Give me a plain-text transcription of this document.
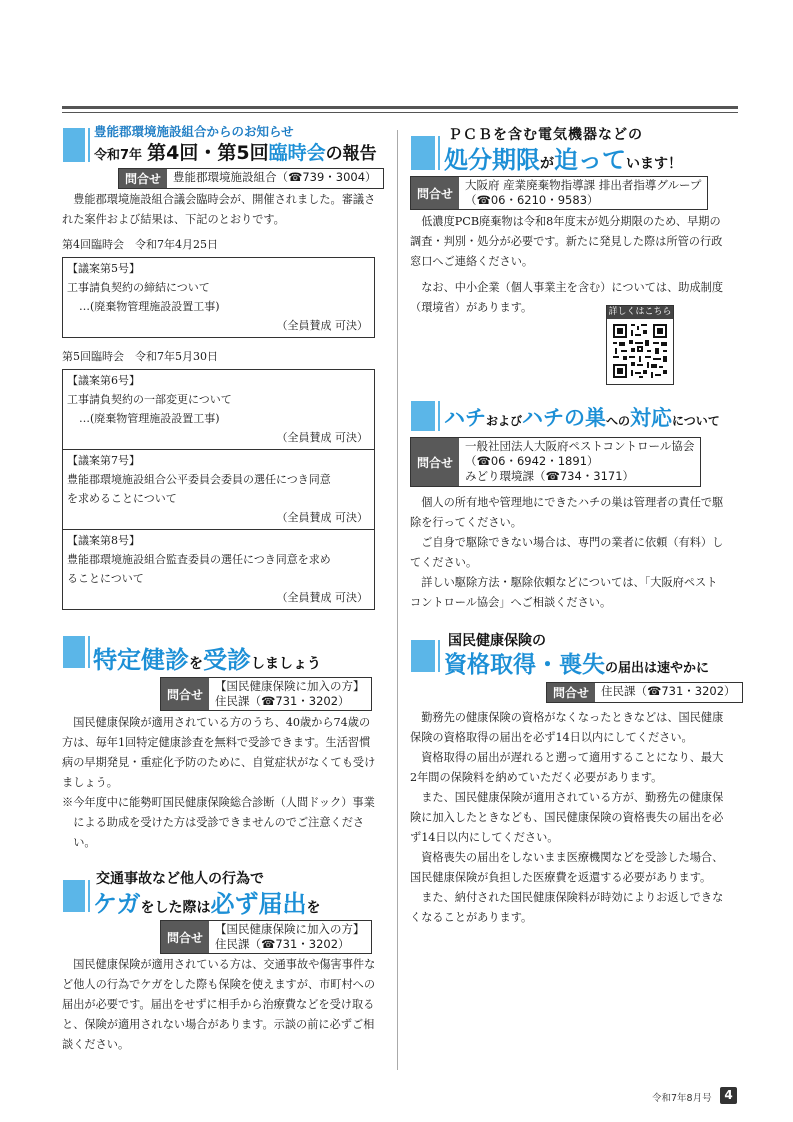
豊能郡環境施設組合からのお知らせ
令和7年 第4回・第5回臨時会の報告
問合せ	豊能郡環境施設組合（☎739・3004）

豊能郡環境施設組合議会臨時会が、開催されました。審議された案件および結果は、下記のとおりです。

第4回臨時会　令和7年4月25日
【議案第5号】
工事請負契約の締結について
…(廃棄物管理施設設置工事)
（全員賛成 可決）
第5回臨時会　令和7年5月30日
【議案第6号】
工事請負契約の一部変更について
…(廃棄物管理施設設置工事)
（全員賛成 可決）
【議案第7号】
豊能郡環境施設組合公平委員会委員の選任につき同意
を求めることについて
（全員賛成 可決）
【議案第8号】
豊能郡環境施設組合監査委員の選任につき同意を求め
ることについて
（全員賛成 可決）
特定健診を受診しましょう
問合せ
【国民健康保険に加入の方】
住民課（☎731・3202）

国民健康保険が適用されている方のうち、40歳から74歳の方は、毎年1回特定健康診査を無料で受診できます。生活習慣病の早期発見・重症化予防のために、自覚症状がなくても受けましょう。

※今年度中に能勢町国民健康保険総合診断（人間ドック）事業による助成を受けた方は受診できませんのでご注意ください。

交通事故など他人の行為で
ケガをした際は必ず届出を
問合せ
【国民健康保険に加入の方】
住民課（☎731・3202）

国民健康保険が適用されている方は、交通事故や傷害事件など他人の行為でケガをした際も保険を使えますが、市町村への届出が必要です。届出をせずに相手から治療費などを受け取ると、保険が適用されない場合があります。示談の前に必ずご相談ください。

ＰＣＢを含む電気機器などの
処分期限が迫っています！
問合せ
大阪府 産業廃棄物指導課 排出者指導グループ
（☎06・6210・9583）

低濃度PCB廃棄物は令和8年度末が処分期限のため、早期の調査・判別・処分が必要です。新たに発見した際は所管の行政窓口へご連絡ください。

なお、中小企業（個人事業主を含む）については、助成制度（環境省）があります。	詳しくはこちら
ハチおよびハチの巣への対応について
問合せ
一般社団法人大阪府ペストコントロール協会
（☎06・6942・1891）
みどり環境課（☎734・3171）

個人の所有地や管理地にできたハチの巣は管理者の責任で駆除を行ってください。

ご自身で駆除できない場合は、専門の業者に依頼（有料）してください。

詳しい駆除方法・駆除依頼などについては、「大阪府ペストコントロール協会」へご相談ください。

国民健康保険の
資格取得・喪失の届出は速やかに
問合せ	住民課（☎731・3202）

勤務先の健康保険の資格がなくなったときなどは、国民健康保険の資格取得の届出を必ず14日以内にしてください。

資格取得の届出が遅れると遡って適用することになり、最大2年間の保険料を納めていただく必要があります。

また、国民健康保険が適用されている方が、勤務先の健康保険に加入したときなども、国民健康保険の資格喪失の届出を必ず14日以内にしてください。

資格喪失の届出をしないまま医療機関などを受診した場合、国民健康保険が負担した医療費を返還する必要があります。

また、納付された国民健康保険料が時効によりお返しできなくなることがあります。

令和7年8月号	4
